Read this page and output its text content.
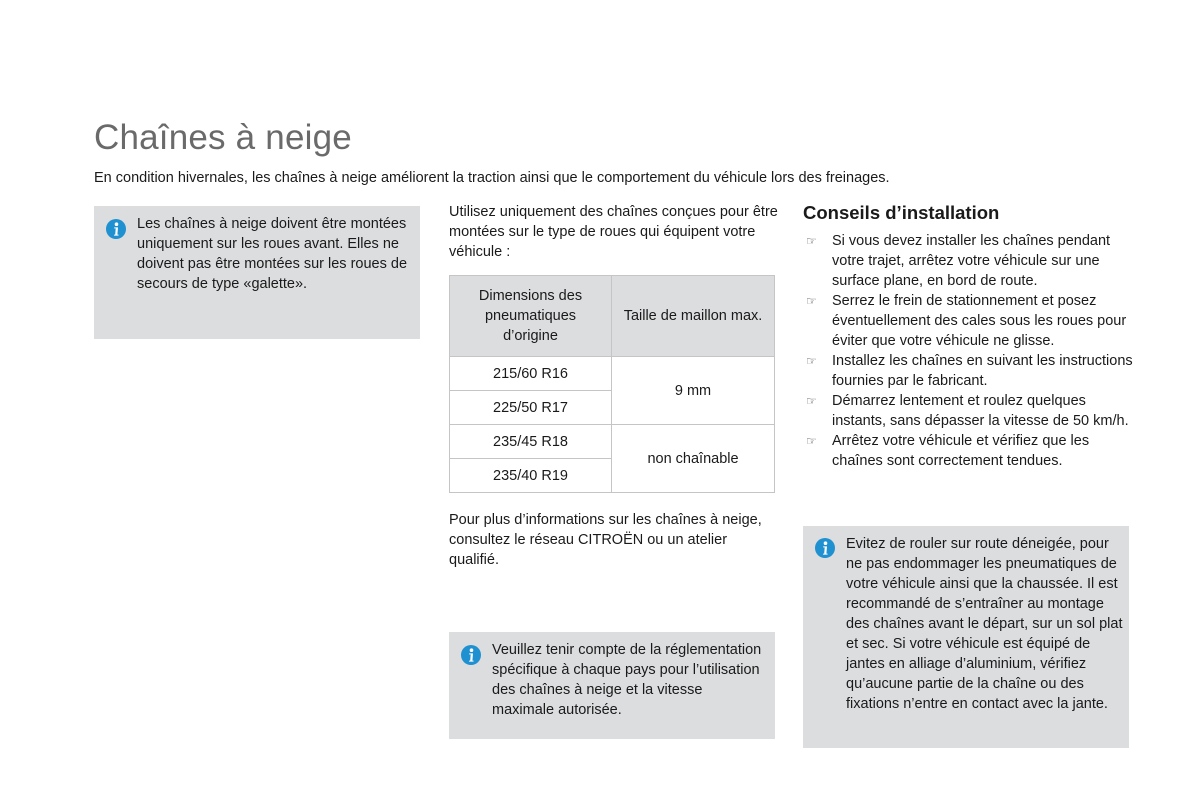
Chaînes à neige

En condition hivernales, les chaînes à neige améliorent la traction ainsi que le comportement du véhicule lors des freinages.

Les chaînes à neige doivent être montées uniquement sur les roues avant. Elles ne doivent pas être montées sur les roues de secours de type «galette».

Utilisez uniquement des chaînes conçues pour être montées sur le type de roues qui équipent votre véhicule :

Dimensions des pneumatiques d’origine	Taille de maillon max.
215/60 R16	9 mm
225/50 R17	
235/45 R18	non chaînable
235/40 R19	

Pour plus d’informations sur les chaînes à neige, consultez le réseau CITROËN ou un atelier qualifié.

Veuillez tenir compte de la réglementation spécifique à chaque pays pour l’utilisation des chaînes à neige et la vitesse maximale autorisée.

Conseils d’installation
☞ Si vous devez installer les chaînes pendant votre trajet, arrêtez votre véhicule sur une surface plane, en bord de route.
☞ Serrez le frein de stationnement et posez éventuellement des cales sous les roues pour éviter que votre véhicule ne glisse.
☞ Installez les chaînes en suivant les instructions fournies par le fabricant.
☞ Démarrez lentement et roulez quelques instants, sans dépasser la vitesse de 50 km/h.
☞ Arrêtez votre véhicule et vérifiez que les chaînes sont correctement tendues.

Evitez de rouler sur route déneigée, pour ne pas endommager les pneumatiques de votre véhicule ainsi que la chaussée. Il est recommandé de s’entraîner au montage des chaînes avant le départ, sur un sol plat et sec. Si votre véhicule est équipé de jantes en alliage d’aluminium, vérifiez qu’aucune partie de la chaîne ou des fixations n’entre en contact avec la jante.
